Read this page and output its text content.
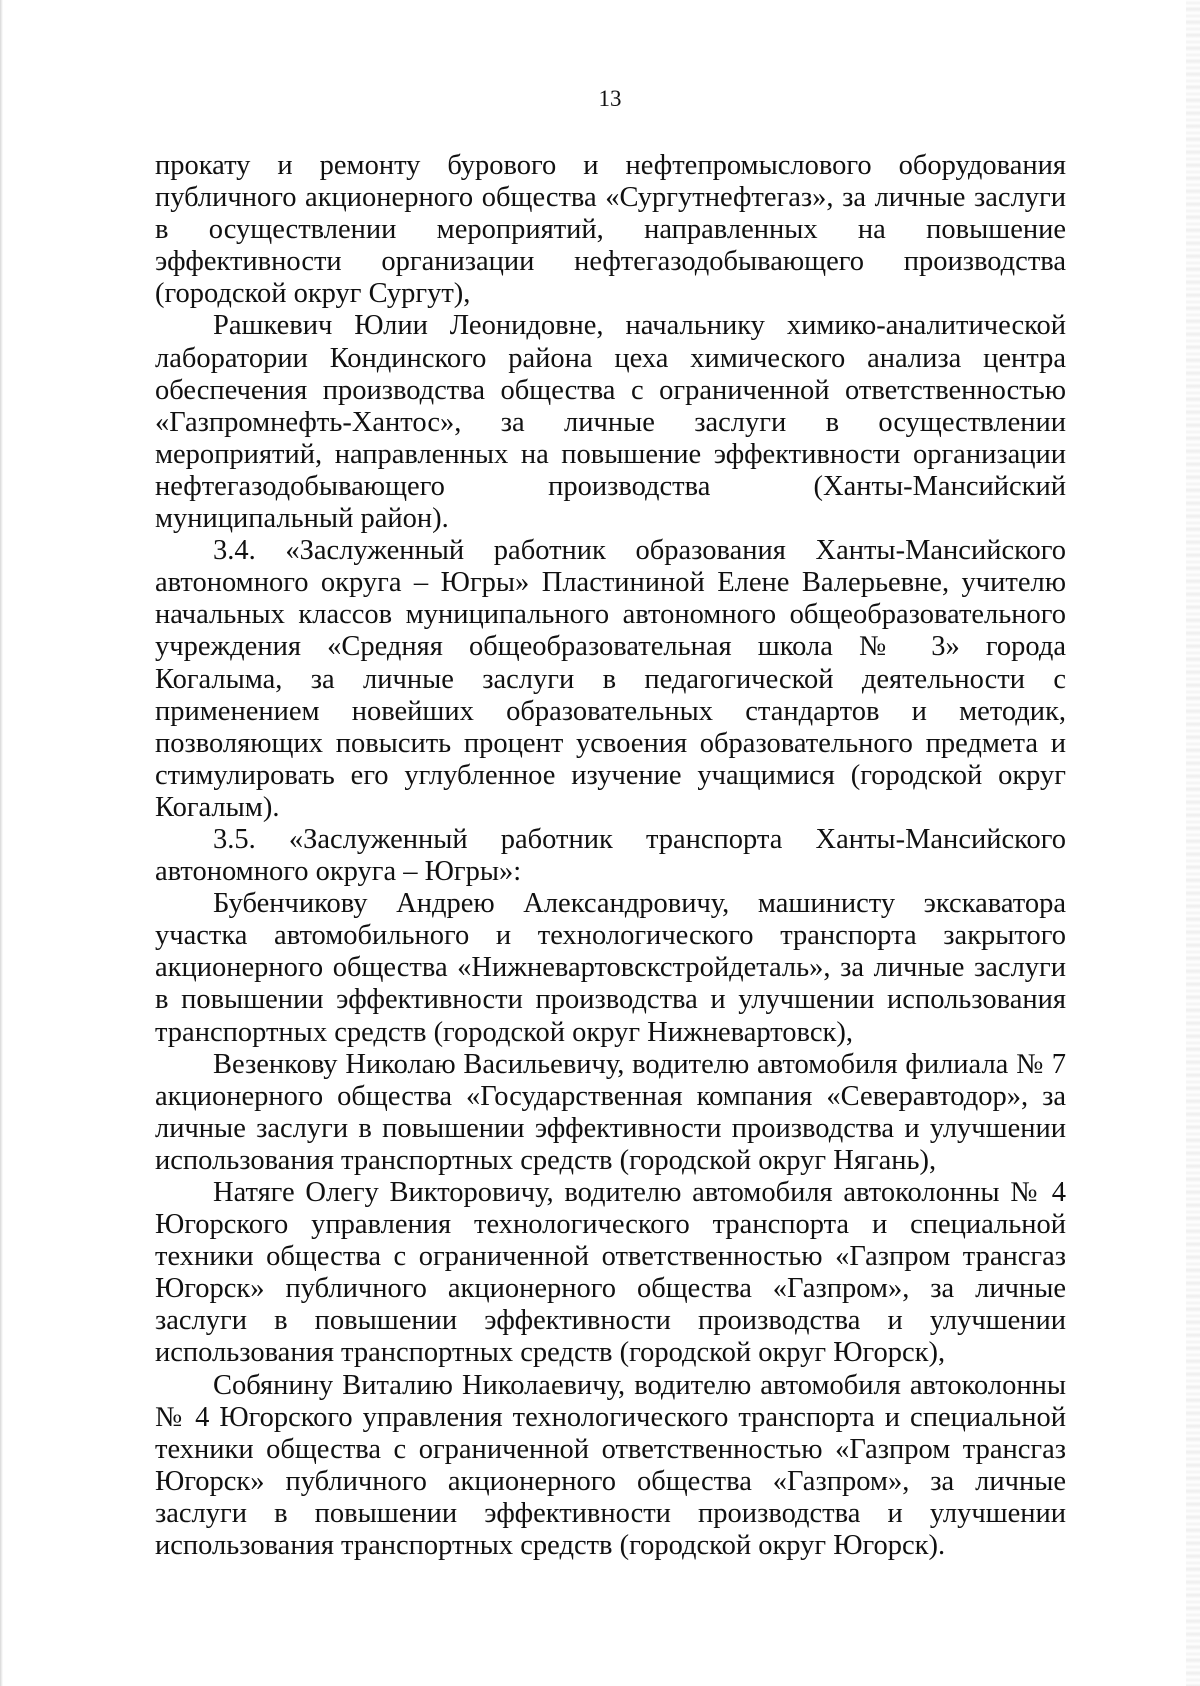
13

прокату и ремонту бурового и нефтепромыслового оборудования публичного акционерного общества «Сургутнефтегаз», за личные заслуги в осуществлении мероприятий, направленных на повышение эффективности организации нефтегазодобывающего производства (городской округ Сургут),

Рашкевич Юлии Леонидовне, начальнику химико-аналитической лаборатории Кондинского района цеха химического анализа центра обеспечения производства общества с ограниченной ответственностью «Газпромнефть-Хантос», за личные заслуги в осуществлении мероприятий, направленных на повышение эффективности организации нефтегазодобывающего производства (Ханты-Мансийский муниципальный район).

3.4. «Заслуженный работник образования Ханты-Мансийского автономного округа – Югры» Пластининой Елене Валерьевне, учителю начальных классов муниципального автономного общеобразовательного учреждения «Средняя общеобразовательная школа № 3» города Когалыма, за личные заслуги в педагогической деятельности с применением новейших образовательных стандартов и методик, позволяющих повысить процент усвоения образовательного предмета и стимулировать его углубленное изучение учащимися (городской округ Когалым).

3.5. «Заслуженный работник транспорта Ханты-Мансийского автономного округа – Югры»:

Бубенчикову Андрею Александровичу, машинисту экскаватора участка автомобильного и технологического транспорта закрытого акционерного общества «Нижневартовскстройдеталь», за личные заслуги в повышении эффективности производства и улучшении использования транспортных средств (городской округ Нижневартовск),

Везенкову Николаю Васильевичу, водителю автомобиля филиала № 7 акционерного общества «Государственная компания «Северавтодор», за личные заслуги в повышении эффективности производства и улучшении использования транспортных средств (городской округ Нягань),

Натяге Олегу Викторовичу, водителю автомобиля автоколонны № 4 Югорского управления технологического транспорта и специальной техники общества с ограниченной ответственностью «Газпром трансгаз Югорск» публичного акционерного общества «Газпром», за личные заслуги в повышении эффективности производства и улучшении использования транспортных средств (городской округ Югорск),

Собянину Виталию Николаевичу, водителю автомобиля автоколонны № 4 Югорского управления технологического транспорта и специальной техники общества с ограниченной ответственностью «Газпром трансгаз Югорск» публичного акционерного общества «Газпром», за личные заслуги в повышении эффективности производства и улучшении использования транспортных средств (городской округ Югорск).
